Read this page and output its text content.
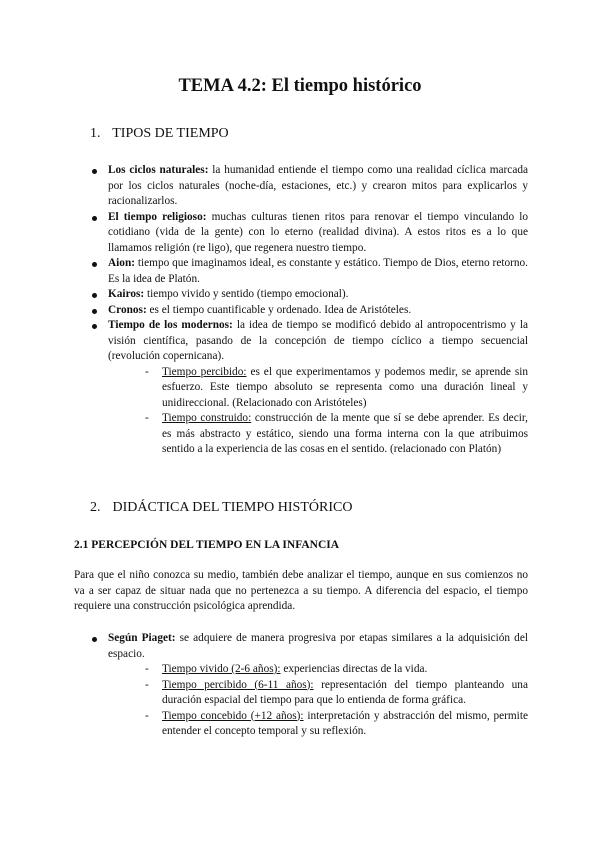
TEMA 4.2: El tiempo histórico
1. TIPOS DE TIEMPO
Los ciclos naturales: la humanidad entiende el tiempo como una realidad cíclica marcada por los ciclos naturales (noche-día, estaciones, etc.) y crearon mitos para explicarlos y racionalizarlos.
El tiempo religioso: muchas culturas tienen ritos para renovar el tiempo vinculando lo cotidiano (vida de la gente) con lo eterno (realidad divina). A estos ritos es a lo que llamamos religión (re ligo), que regenera nuestro tiempo.
Aion: tiempo que imaginamos ideal, es constante y estático. Tiempo de Dios, eterno retorno. Es la idea de Platón.
Kairos: tiempo vivido y sentido (tiempo emocional).
Cronos: es el tiempo cuantificable y ordenado. Idea de Aristóteles.
Tiempo de los modernos: la idea de tiempo se modificó debido al antropocentrismo y la visión científica, pasando de la concepción de tiempo cíclico a tiempo secuencial (revolución copernicana).
- Tiempo percibido: es el que experimentamos y podemos medir, se aprende sin esfuerzo. Este tiempo absoluto se representa como una duración lineal y unidireccional. (Relacionado con Aristóteles)
- Tiempo construido: construcción de la mente que sí se debe aprender. Es decir, es más abstracto y estático, siendo una forma interna con la que atribuimos sentido a la experiencia de las cosas en el sentido. (relacionado con Platón)
2. DIDÁCTICA DEL TIEMPO HISTÓRICO
2.1 PERCEPCIÓN DEL TIEMPO EN LA INFANCIA

Para que el niño conozca su medio, también debe analizar el tiempo, aunque en sus comienzos no va a ser capaz de situar nada que no pertenezca a su tiempo. A diferencia del espacio, el tiempo requiere una construcción psicológica aprendida.

Según Piaget: se adquiere de manera progresiva por etapas similares a la adquisición del espacio.
- Tiempo vivido (2-6 años): experiencias directas de la vida.
- Tiempo percibido (6-11 años): representación del tiempo planteando una duración espacial del tiempo para que lo entienda de forma gráfica.
- Tiempo concebido (+12 años): interpretación y abstracción del mismo, permite entender el concepto temporal y su reflexión.
